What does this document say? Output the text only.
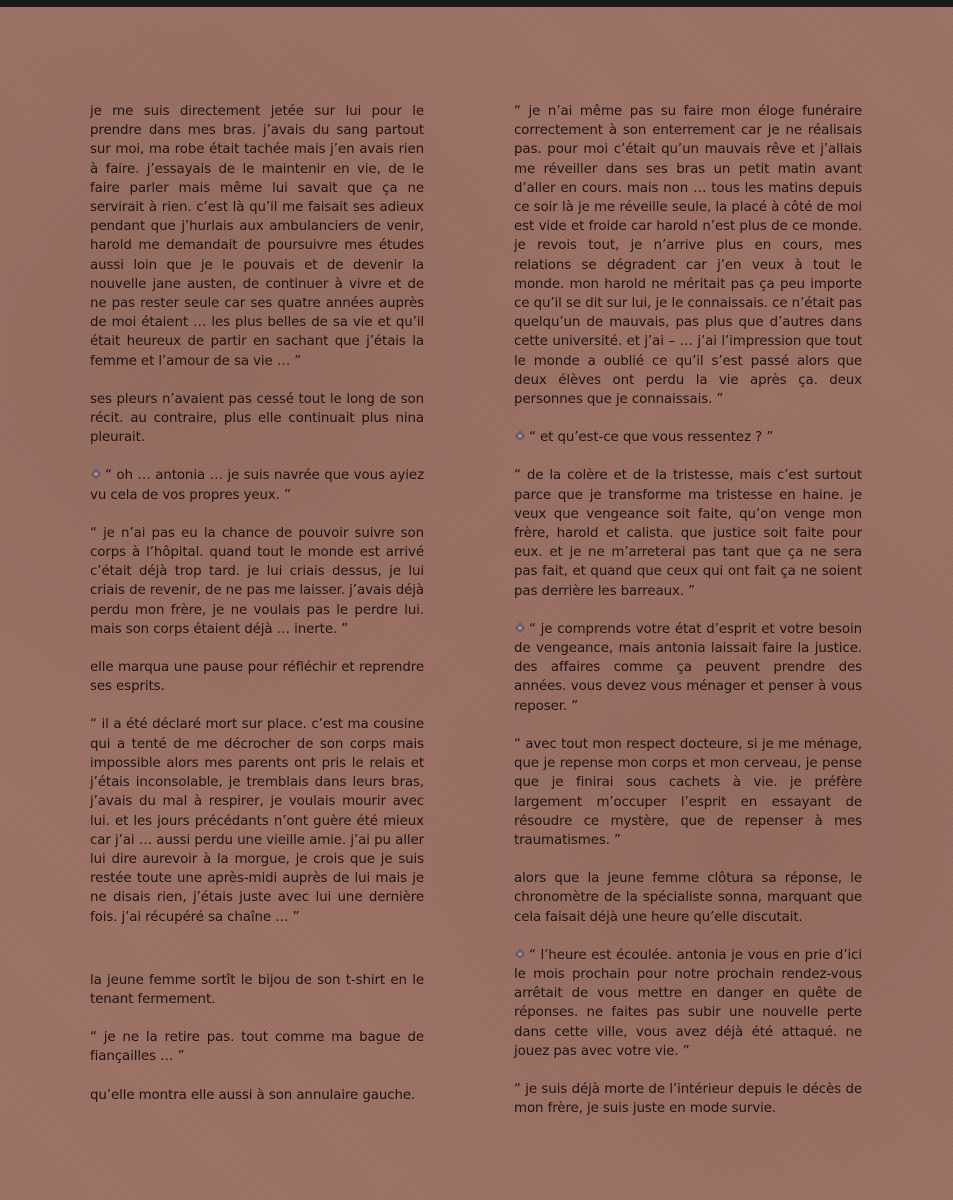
je me suis directement jetée sur lui pour le prendre dans mes bras. j’avais du sang partout sur moi, ma robe était tachée mais j’en avais rien à faire. j’essayais de le maintenir en vie, de le faire parler mais même lui savait que ça ne servirait à rien. c’est là qu’il me faisait ses adieux pendant que j’hurlais aux ambulanciers de venir, harold me demandait de poursuivre mes études aussi loin que je le pouvais et de devenir la nouvelle jane austen, de continuer à vivre et de ne pas rester seule car ses quatre années auprès de moi étaient … les plus belles de sa vie et qu’il était heureux de partir en sachant que j’étais la femme et l’amour de sa vie … ”

ses pleurs n’avaient pas cessé tout le long de son récit. au contraire, plus elle continuait plus nina pleurait.

“ oh … antonia … je suis navrée que vous ayiez vu cela de vos propres yeux. ”

“ je n’ai pas eu la chance de pouvoir suivre son corps à l’hôpital. quand tout le monde est arrivé c’était déjà trop tard. je lui criais dessus, je lui criais de revenir, de ne pas me laisser. j’avais déjà perdu mon frère, je ne voulais pas le perdre lui. mais son corps étaient déjà … inerte. ”

elle marqua une pause pour réfléchir et reprendre ses esprits.

“ il a été déclaré mort sur place. c’est ma cousine qui a tenté de me décrocher de son corps mais impossible alors mes parents ont pris le relais et j’étais inconsolable, je tremblais dans leurs bras, j’avais du mal à respirer, je voulais mourir avec lui. et les jours précédants n’ont guère été mieux car j’ai … aussi perdu une vieille amie. j’ai pu aller lui dire aurevoir à la morgue, je crois que je suis restée toute une après-midi auprès de lui mais je ne disais rien, j’étais juste avec lui une dernière fois. j’ai récupéré sa chaîne … ”

la jeune femme sortît le bijou de son t-shirt en le tenant fermement.

“ je ne la retire pas. tout comme ma bague de fiançailles … ”

qu’elle montra elle aussi à son annulaire gauche.

“ je n’ai même pas su faire mon éloge funéraire correctement à son enterrement car je ne réalisais pas. pour moi c’était qu’un mauvais rêve et j’allais me réveiller dans ses bras un petit matin avant d’aller en cours. mais non … tous les matins depuis ce soir là je me réveille seule, la placé à côté de moi est vide et froide car harold n’est plus de ce monde. je revois tout, je n’arrive plus en cours, mes relations se dégradent car j’en veux à tout le monde. mon harold ne méritait pas ça peu importe ce qu’il se dit sur lui, je le connaissais. ce n’était pas quelqu’un de mauvais, pas plus que d’autres dans cette université. et j’ai – … j’ai l’impression que tout le monde a oublié ce qu’il s’est passé alors que deux élèves ont perdu la vie après ça. deux personnes que je connaissais. ”

“ et qu’est-ce que vous ressentez ? ”

“ de la colère et de la tristesse, mais c’est surtout parce que je transforme ma tristesse en haine. je veux que vengeance soit faite, qu’on venge mon frère, harold et calista. que justice soit faite pour eux. et je ne m’arreterai pas tant que ça ne sera pas fait, et quand que ceux qui ont fait ça ne soient pas derrière les barreaux. ”

“ je comprends votre état d’esprit et votre besoin de vengeance, mais antonia laissait faire la justice. des affaires comme ça peuvent prendre des années. vous devez vous ménager et penser à vous reposer. ”

“ avec tout mon respect docteure, si je me ménage, que je repense mon corps et mon cerveau, je pense que je finirai sous cachets à vie. je préfère largement m’occuper l’esprit en essayant de résoudre ce mystère, que de repenser à mes traumatismes. ”

alors que la jeune femme clôtura sa réponse, le chronomètre de la spécialiste sonna, marquant que cela faisait déjà une heure qu’elle discutait.

“ l’heure est écoulée. antonia je vous en prie d’ici le mois prochain pour notre prochain rendez-vous arrêtait de vous mettre en danger en quête de réponses. ne faites pas subir une nouvelle perte dans cette ville, vous avez déjà été attaqué. ne jouez pas avec votre vie. ”

“ je suis déjà morte de l’intérieur depuis le décès de mon frère, je suis juste en mode survie.
